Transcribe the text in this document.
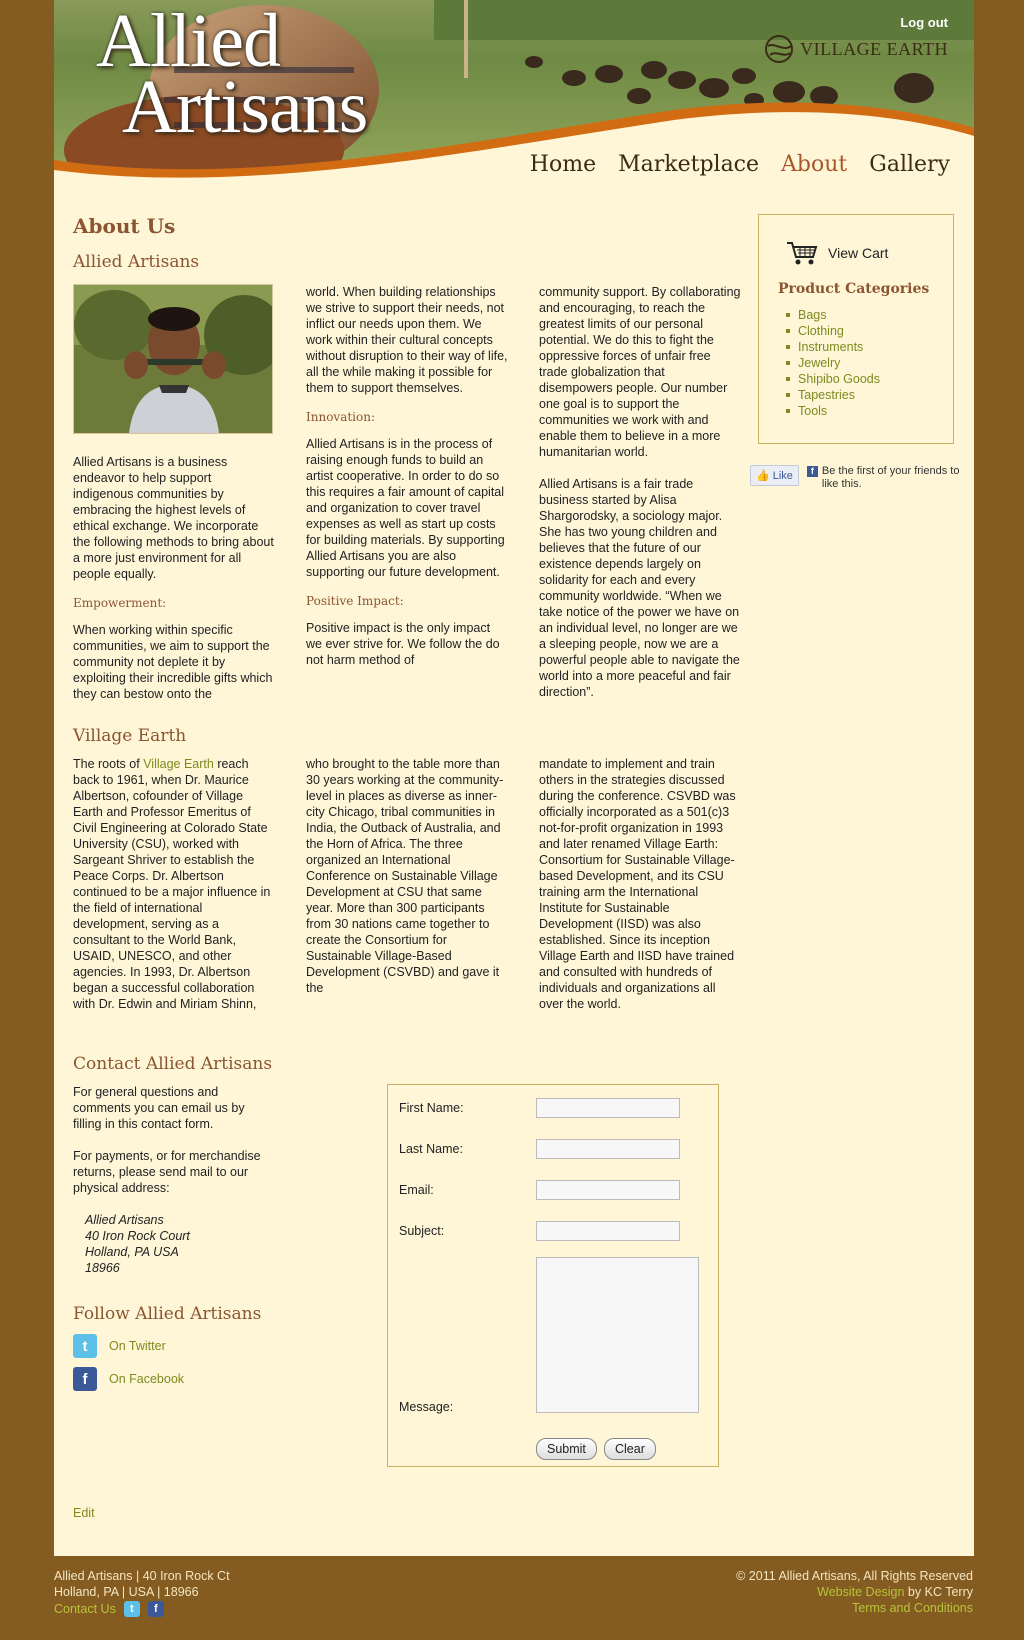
Allied
Artisans
Log out
VILLAGE EARTH
Home Marketplace About Gallery
About Us
Allied Artisans

Allied Artisans is a business endeavor to help support indigenous communities by embracing the highest levels of ethical exchange. We incorporate the following methods to bring about a more just environment for all people equally.

Empowerment:

When working within specific communities, we aim to support the community not deplete it by exploiting their incredible gifts which they can bestow onto the

world. When building relationships we strive to support their needs, not inflict our needs upon them. We work within their cultural concepts without disruption to their way of life, all the while making it possible for them to support themselves.

Innovation:

Allied Artisans is in the process of raising enough funds to build an artist cooperative. In order to do so this requires a fair amount of capital and organization to cover travel expenses as well as start up costs for building materials. By supporting Allied Artisans you are also supporting our future development.

Positive Impact:

Positive impact is the only impact we ever strive for. We follow the do not harm method of

community support. By collaborating and encouraging, to reach the greatest limits of our personal potential. We do this to fight the oppressive forces of unfair free trade globalization that disempowers people. Our number one goal is to support the communities we work with and enable them to believe in a more humanitarian world.

Allied Artisans is a fair trade business started by Alisa Shargorodsky, a sociology major. She has two young children and believes that the future of our existence depends largely on solidarity for each and every community worldwide. “When we take notice of the power we have on an individual level, no longer are we a sleeping people, now we are a powerful people able to navigate the world into a more peaceful and fair direction”.

Village Earth

The roots of Village Earth reach back to 1961, when Dr. Maurice Albertson, cofounder of Village Earth and Professor Emeritus of Civil Engineering at Colorado State University (CSU), worked with Sargeant Shriver to establish the Peace Corps. Dr. Albertson continued to be a major influence in the field of international development, serving as a consultant to the World Bank, USAID, UNESCO, and other agencies. In 1993, Dr. Albertson began a successful collaboration with Dr. Edwin and Miriam Shinn,

who brought to the table more than 30 years working at the community-level in places as diverse as inner-city Chicago, tribal communities in India, the Outback of Australia, and the Horn of Africa. The three organized an International Conference on Sustainable Village Development at CSU that same year. More than 300 participants from 30 nations came together to create the Consortium for Sustainable Village-Based Development (CSVBD) and gave it the

mandate to implement and train others in the strategies discussed during the conference. CSVBD was officially incorporated as a 501(c)3 not-for-profit organization in 1993 and later renamed Village Earth: Consortium for Sustainable Village-based Development, and its CSU training arm the International Institute for Sustainable Development (IISD) was also established. Since its inception Village Earth and IISD have trained and consulted with hundreds of individuals and organizations all over the world.

Contact Allied Artisans

For general questions and comments you can email us by filling in this contact form.

For payments, or for merchandise returns, please send mail to our physical address:

Allied Artisans

40 Iron Rock Court

Holland, PA USA

18966

Follow Allied Artisans
t	On Twitter
f	On Facebook
Edit
First Name:
Last Name:
Email:
Subject:
Message:
Submit	Clear
View Cart
Product Categories
Bags
Clothing
Instruments
Jewelry
Shipibo Goods
Tapestries
Tools
👍 Like	f Be the first of your friends to like this.
Allied Artisans | 40 Iron Rock Ct
Holland, PA | USA | 18966
Contact Us	t	f
© 2011 Allied Artisans, All Rights Reserved
Website Design by KC Terry
Terms and Conditions
